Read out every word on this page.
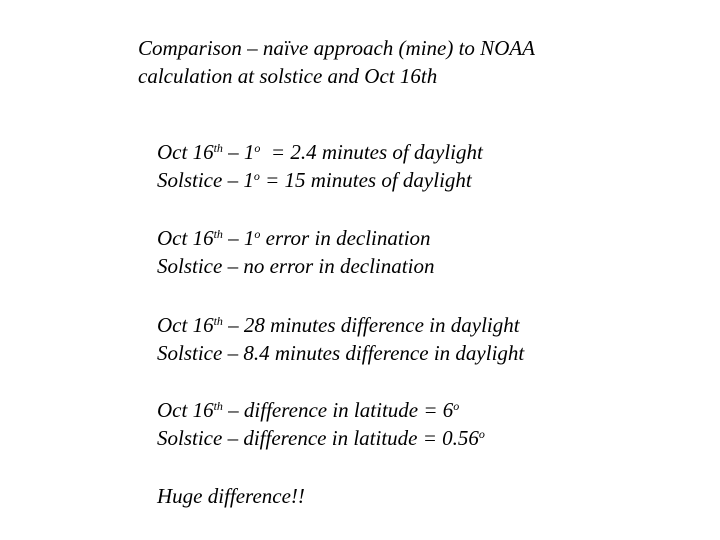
Comparison – naïve approach (mine) to NOAA
calculation at solstice and Oct 16th
Oct 16th – 1$^o$  = 2.4 minutes of daylight
Solstice – $1^o = 15$ minutes of daylight
Oct 16th – 1$^o$ error in declination
Solstice – no error in declination
Oct 16th – 28 minutes difference in daylight
Solstice – 8.4 minutes difference in daylight
Oct 16th – difference in latitude = $6^o$
Solstice – difference in latitude = $0.56^o$
Huge difference!!
